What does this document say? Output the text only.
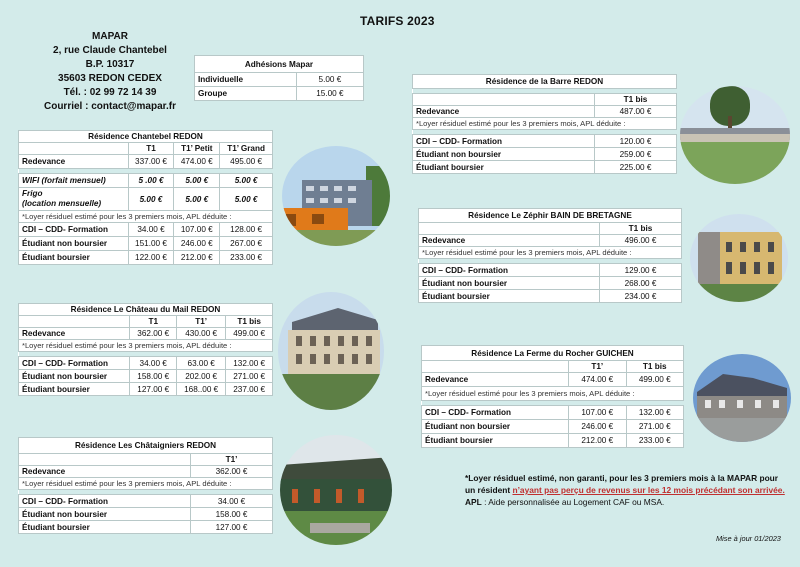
TARIFS 2023
MAPAR
2, rue Claude Chantebel
B.P. 10317
35603 REDON CEDEX
Tél. : 02 99 72 14 39
Courriel : contact@mapar.fr
Adhésions Mapar	
Individuelle	5.00 €
Groupe	15.00 €
Résidence Chantebel REDON			
	T1	T1’ Petit	T1’ Grand
Redevance	337.00 €	474.00 €	495.00 €

WIFI (forfait mensuel)	5 .00 €	5.00 €	5.00 €
Frigo
(location mensuelle)	5.00 €	5.00 €	5.00 €
*Loyer résiduel estimé pour les 3 premiers mois, APL déduite :			
CDI – CDD- Formation	34.00 €	107.00 €	128.00 €
Étudiant non boursier	151.00 €	246.00 €	267.00 €
Étudiant boursier	122.00 €	212.00 €	233.00 €
Résidence Le Château du Mail REDON			
	T1	T1’	T1 bis
Redevance	362.00 €	430.00 €	499.00 €
*Loyer résiduel estimé pour les 3 premiers mois, APL déduite :			

CDI – CDD- Formation	34.00 €	63.00 €	132.00 €
Étudiant non boursier	158.00 €	202.00 €	271.00 €
Étudiant boursier	127.00 €	168..00 €	237.00 €
Résidence Les Châtaigniers REDON	
	T1’
Redevance	362.00 €
*Loyer résiduel estimé pour les 3 premiers mois, APL déduite :	

CDI – CDD- Formation	34.00 €
Étudiant non boursier	158.00 €
Étudiant boursier	127.00 €
Résidence de la Barre REDON	

	T1 bis
Redevance	487.00 €
*Loyer résiduel estimé pour les 3 premiers mois, APL déduite :	

CDI – CDD- Formation	120.00 €
Étudiant non boursier	259.00 €
Étudiant boursier	225.00 €
Résidence Le Zéphir BAIN DE BRETAGNE	
	T1 bis
Redevance	496.00 €
*Loyer résiduel estimé pour les 3 premiers mois, APL déduite :	

CDI – CDD- Formation	129.00 €
Étudiant non boursier	268.00 €
Étudiant boursier	234.00 €
Résidence La Ferme du Rocher GUICHEN		
	T1’	T1 bis
Redevance	474.00 €	499.00 €
*Loyer résiduel estimé pour les 3 premiers mois, APL déduite :		

CDI – CDD- Formation	107.00 €	132.00 €
Étudiant non boursier	246.00 €	271.00 €
Étudiant boursier	212.00 €	233.00 €
*Loyer résiduel estimé, non garanti, pour les 3 premiers mois à la MAPAR pour un résident n’ayant pas perçu de revenus sur les 12 mois précédant son arrivée.
APL : Aide personnalisée au Logement CAF ou MSA.
Mise à jour 01/2023
